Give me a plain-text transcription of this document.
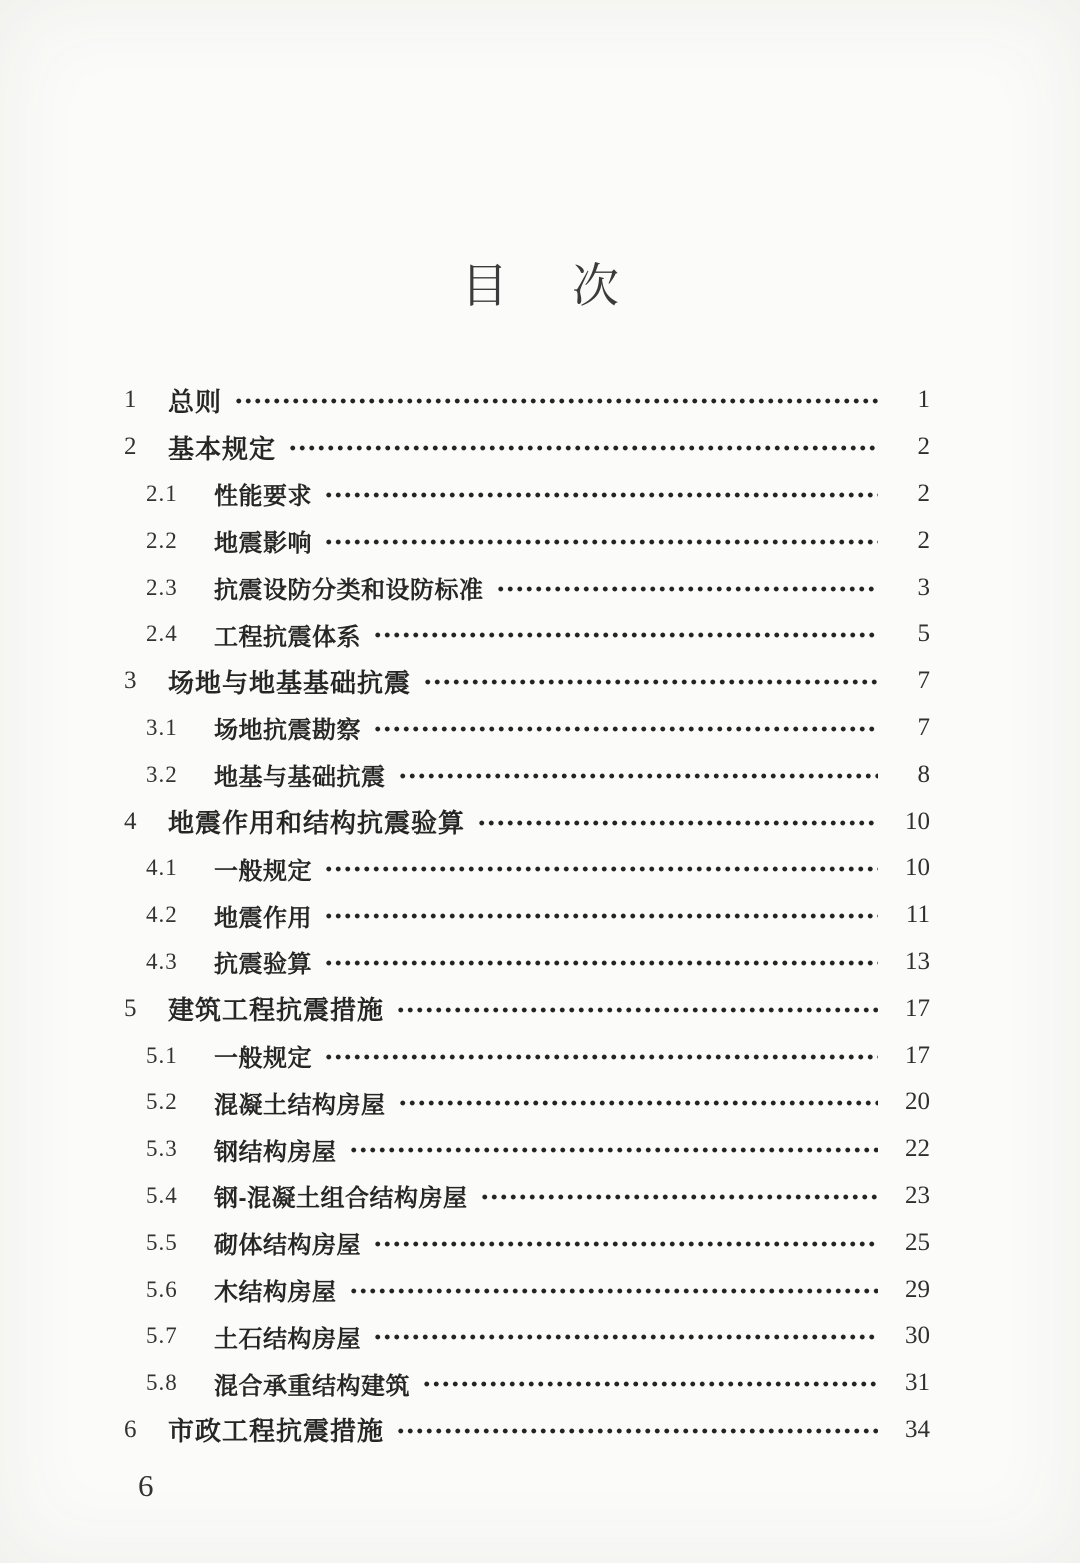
目 次
1	总则	1
2	基本规定	2
2.1	性能要求	2
2.2	地震影响	2
2.3	抗震设防分类和设防标准	3
2.4	工程抗震体系	5
3	场地与地基基础抗震	7
3.1	场地抗震勘察	7
3.2	地基与基础抗震	8
4	地震作用和结构抗震验算	10
4.1	一般规定	10
4.2	地震作用	11
4.3	抗震验算	13
5	建筑工程抗震措施	17
5.1	一般规定	17
5.2	混凝土结构房屋	20
5.3	钢结构房屋	22
5.4	钢-混凝土组合结构房屋	23
5.5	砌体结构房屋	25
5.6	木结构房屋	29
5.7	土石结构房屋	30
5.8	混合承重结构建筑	31
6	市政工程抗震措施	34
6
